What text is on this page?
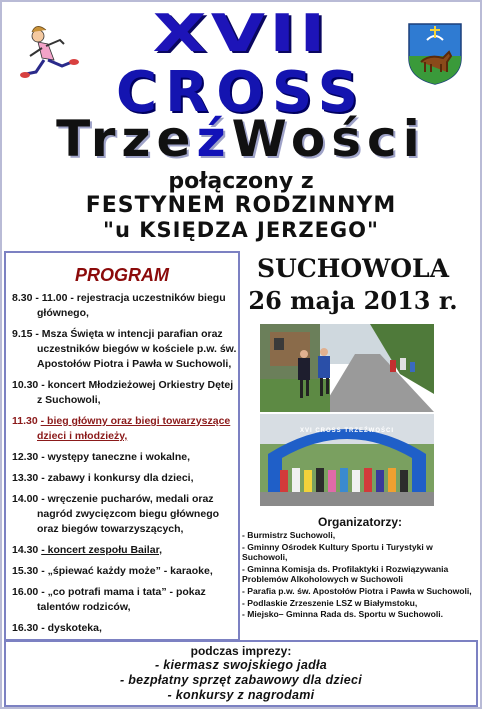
XVII
CROSS
TrzeźWości
połączony z
FESTYNEM RODZINNYM
"u KSIĘDZA JERZEGO"
PROGRAM
8.30 - 11.00 - rejestracja uczestników biegu głównego,
9.15 - Msza Święta w intencji parafian oraz uczestników biegów w kościele p.w. św. Apostołów Piotra i Pawła w Suchowoli,
10.30 - koncert Młodzieżowej Orkiestry Dętej z Suchowoli,
11.30 - bieg główny oraz biegi towarzyszące dzieci i młodzieży,
12.30 - występy taneczne i wokalne,
13.30 - zabawy i konkursy dla dzieci,
14.00 - wręczenie pucharów, medali oraz nagród zwycięzcom biegu głównego oraz biegów towarzyszących,
14.30 - koncert zespołu Bailar,
15.30 - „śpiewać każdy może” - karaoke,
16.00 - „co potrafi mama i tata” - pokaz talentów rodziców,
16.30 - dyskoteka,
SUCHOWOLA
26 maja 2013 r.
XVI CROSS TRZEŹWOŚCI
Organizatorzy:
- Burmistrz Suchowoli,
- Gminny Ośrodek Kultury Sportu i Turystyki w Suchowoli,
- Gminna Komisja ds. Profilaktyki i Rozwiązywania Problemów Alkoholowych w Suchowoli
- Parafia p.w. św. Apostołów Piotra i Pawła w Suchowoli,
- Podlaskie Zrzeszenie LSZ w Białymstoku,
- Miejsko– Gminna Rada ds. Sportu w Suchowoli.
podczas imprezy:
- kiermasz swojskiego jadła
- bezpłatny sprzęt zabawowy dla dzieci
- konkursy z nagrodami
